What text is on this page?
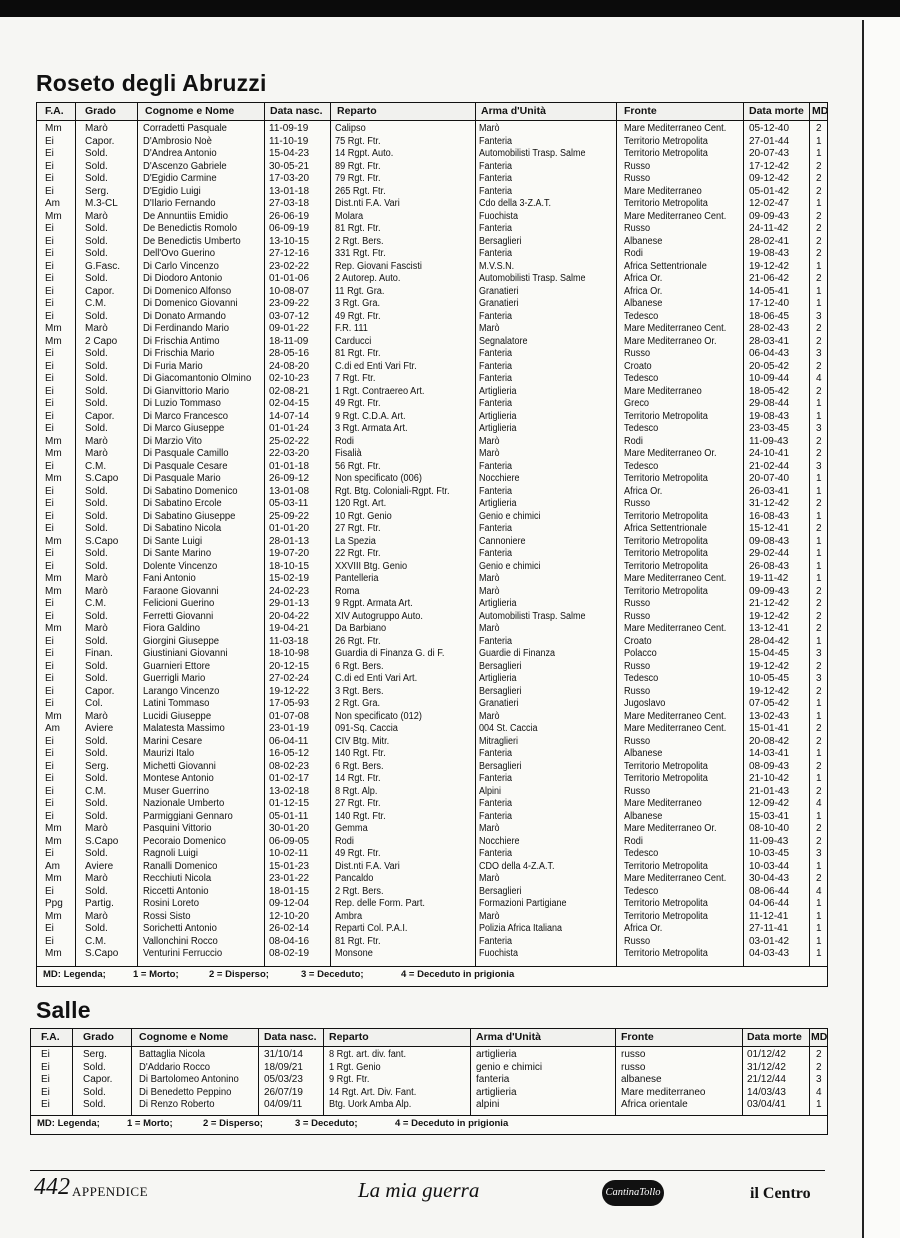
Roseto degli Abruzzi
F.A. Grado	Cognome e Nome	Data nasc. Reparto	Arma d'Unità	Fronte	Data morte MD
Mm Marò	Corradetti Pasquale	11-09-19	Calipso	Marò	Mare Mediterraneo Cent. 05-12-40	2
Ei	Capor.	D'Ambrosio Noè	11-10-19	75 Rgt. Ftr.	Fanteria	Territorio Metropolita	27-01-44	1
Ei	Sold.	D'Andrea Antonio	15-04-23	14 Rgpt. Auto.	Automobilisti Trasp. Salme	Territorio Metropolita	20-07-43	1
Ei	Sold.	D'Ascenzo Gabriele	30-05-21	89 Rgt. Ftr.	Fanteria	Russo	17-12-42	2
Ei	Sold.	D'Egidio Carmine	17-03-20	79 Rgt. Ftr.	Fanteria	Russo	09-12-42	2
Ei	Serg.	D'Egidio Luigi	13-01-18	265 Rgt. Ftr.	Fanteria	Mare Mediterraneo	05-01-42	2
Am	M.3-CL	D'Ilario Fernando	27-03-18	Dist.nti F.A. Vari	Cdo della 3-Z.A.T.	Territorio Metropolita	12-02-47	1
Mm Marò	De Annuntiis Emidio	26-06-19	Molara	Fuochista	Mare Mediterraneo Cent. 09-09-43	2
Ei	Sold.	De Benedictis Romolo	06-09-19	81 Rgt. Ftr.	Fanteria	Russo	24-11-42	2
Ei	Sold.	De Benedictis Umberto	13-10-15	2 Rgt. Bers.	Bersaglieri	Albanese	28-02-41	2
Ei	Sold.	Dell'Ovo Guerino	27-12-16	331 Rgt. Ftr.	Fanteria	Rodi	19-08-43	2
Ei	G.Fasc. Di Carlo Vincenzo	23-02-22	Rep. Giovani Fascisti	M.V.S.N.	Africa Settentrionale	19-12-42	1
Ei	Sold.	Di Diodoro Antonio	01-01-06	2 Autorep. Auto.	Automobilisti Trasp. Salme	Africa Or.	21-06-42	2
Ei	Capor.	Di Domenico Alfonso	10-08-07	11 Rgt. Gra.	Granatieri	Africa Or.	14-05-41	1
Ei	C.M.	Di Domenico Giovanni	23-09-22	3 Rgt. Gra.	Granatieri	Albanese	17-12-40	1
Ei	Sold.	Di Donato Armando	03-07-12	49 Rgt. Ftr.	Fanteria	Tedesco	18-06-45	3
Mm Marò	Di Ferdinando Mario	09-01-22	F.R. 111	Marò	Mare Mediterraneo Cent. 28-02-43	2
Mm 2 Capo	Di Frischia Antimo	18-11-09	Carducci	Segnalatore	Mare Mediterraneo Or.	28-03-41	2
Ei	Sold.	Di Frischia Mario	28-05-16	81 Rgt. Ftr.	Fanteria	Russo	06-04-43	3
Ei	Sold.	Di Furia Mario	24-08-20	C.di ed Enti Vari Ftr.	Fanteria	Croato	20-05-42	2
Ei	Sold.	Di Giacomantonio Olmino 02-10-23	7 Rgt. Ftr.	Fanteria	Tedesco	10-09-44	4
Ei	Sold.	Di Gianvittorio Mario	02-08-21	1 Rgt. Contraereo Art.	Artiglieria	Mare Mediterraneo	18-05-42	2
Ei	Sold.	Di Luzio Tommaso	02-04-15	49 Rgt. Ftr.	Fanteria	Greco	29-08-44	1
Ei	Capor.	Di Marco Francesco	14-07-14	9 Rgt. C.D.A. Art.	Artiglieria	Territorio Metropolita	19-08-43	1
Ei	Sold.	Di Marco Giuseppe	01-01-24	3 Rgt. Armata Art.	Artiglieria	Tedesco	23-03-45	3
Mm Marò	Di Marzio Vito	25-02-22	Rodi	Marò	Rodi	11-09-43	2
Mm Marò	Di Pasquale Camillo	22-03-20	Fisalià	Marò	Mare Mediterraneo Or.	24-10-41	2
Ei	C.M.	Di Pasquale Cesare	01-01-18	56 Rgt. Ftr.	Fanteria	Tedesco	21-02-44	3
Mm S.Capo Di Pasquale Mario	26-09-12	Non specificato (006)	Nocchiere	Territorio Metropolita	20-07-40	1
Ei	Sold.	Di Sabatino Domenico	13-01-08	Rgt. Btg. Coloniali-Rgpt. Ftr.	Fanteria	Africa Or.	26-03-41	1
Ei	Sold.	Di Sabatino Ercole	05-03-11	120 Rgt. Art.	Artiglieria	Russo	31-12-42	2
Ei	Sold.	Di Sabatino Giuseppe	25-09-22	10 Rgt. Genio	Genio e chimici	Territorio Metropolita	16-08-43	1
Ei	Sold.	Di Sabatino Nicola	01-01-20	27 Rgt. Ftr.	Fanteria	Africa Settentrionale	15-12-41	2
Mm S.Capo Di Sante Luigi	28-01-13	La Spezia	Cannoniere	Territorio Metropolita	09-08-43	1
Ei	Sold.	Di Sante Marino	19-07-20	22 Rgt. Ftr.	Fanteria	Territorio Metropolita	29-02-44	1
Ei	Sold.	Dolente Vincenzo	18-10-15	XXVIII Btg. Genio	Genio e chimici	Territorio Metropolita	26-08-43	1
Mm Marò	Fani Antonio	15-02-19	Pantelleria	Marò	Mare Mediterraneo Cent. 19-11-42	1
Mm Marò	Faraone Giovanni	24-02-23	Roma	Marò	Territorio Metropolita	09-09-43	2
Ei	C.M.	Felicioni Guerino	29-01-13	9 Rgpt. Armata Art.	Artiglieria	Russo	21-12-42	2
Ei	Sold.	Ferretti Giovanni	20-04-22	XIV Autogruppo Auto.	Automobilisti Trasp. Salme	Russo	19-12-42	2
Mm Marò	Fiora Galdino	19-04-21	Da Barbiano	Marò	Mare Mediterraneo Cent. 13-12-41	2
Ei	Sold.	Giorgini Giuseppe	11-03-18	26 Rgt. Ftr.	Fanteria	Croato	28-04-42	1
Ei	Finan.	Giustiniani Giovanni	18-10-98	Guardia di Finanza G. di F.	Guardie di Finanza	Polacco	15-04-45	3
Ei	Sold.	Guarnieri Ettore	20-12-15	6 Rgt. Bers.	Bersaglieri	Russo	19-12-42	2
Ei	Sold.	Guerrigli Mario	27-02-24	C.di ed Enti Vari Art.	Artiglieria	Tedesco	10-05-45	3
Ei	Capor.	Larango Vincenzo	19-12-22	3 Rgt. Bers.	Bersaglieri	Russo	19-12-42	2
Ei	Col.	Latini Tommaso	17-05-93	2 Rgt. Gra.	Granatieri	Jugoslavo	07-05-42	1
Mm Marò	Lucidi Giuseppe	01-07-08	Non specificato (012)	Marò	Mare Mediterraneo Cent. 13-02-43	1
Am	Aviere	Malatesta Massimo	23-01-19	091-Sq. Caccia	004 St. Caccia	Mare Mediterraneo Cent. 15-01-41	2
Ei	Sold.	Marini Cesare	06-04-11	CIV Btg. Mitr.	Mitraglieri	Russo	20-08-42	2
Ei	Sold.	Maurizi Italo	16-05-12	140 Rgt. Ftr.	Fanteria	Albanese	14-03-41	1
Ei	Serg.	Michetti Giovanni	08-02-23	6 Rgt. Bers.	Bersaglieri	Territorio Metropolita	08-09-43	2
Ei	Sold.	Montese Antonio	01-02-17	14 Rgt. Ftr.	Fanteria	Territorio Metropolita	21-10-42	1
Ei	C.M.	Muser Guerrino	13-02-18	8 Rgt. Alp.	Alpini	Russo	21-01-43	2
Ei	Sold.	Nazionale Umberto	01-12-15	27 Rgt. Ftr.	Fanteria	Mare Mediterraneo	12-09-42	4
Ei	Sold.	Parmiggiani Gennaro	05-01-11	140 Rgt. Ftr.	Fanteria	Albanese	15-03-41	1
Mm Marò	Pasquini Vittorio	30-01-20	Gemma	Marò	Mare Mediterraneo Or.	08-10-40	2
Mm S.Capo Pecoraio Domenico	06-09-05	Rodi	Nocchiere	Rodi	11-09-43	2
Ei	Sold.	Ragnoli Luigi	10-02-11	49 Rgt. Ftr.	Fanteria	Tedesco	10-03-45	3
Am	Aviere	Ranalli Domenico	15-01-23	Dist.nti F.A. Vari	CDO della 4-Z.A.T.	Territorio Metropolita	10-03-44	1
Mm Marò	Recchiuti Nicola	23-01-22	Pancaldo	Marò	Mare Mediterraneo Cent. 30-04-43	2
Ei	Sold.	Riccetti Antonio	18-01-15	2 Rgt. Bers.	Bersaglieri	Tedesco	08-06-44	4
Ppg Partig.	Rosini Loreto	09-12-04	Rep. delle Form. Part.	Formazioni Partigiane	Territorio Metropolita	04-06-44	1
Mm Marò	Rossi Sisto	12-10-20	Ambra	Marò	Territorio Metropolita	11-12-41	1
Ei	Sold.	Sorichetti Antonio	26-02-14	Reparti Col. P.A.I.	Polizia Africa Italiana	Africa Or.	27-11-41	1
Ei	C.M.	Vallonchini Rocco	08-04-16	81 Rgt. Ftr.	Fanteria	Russo	03-01-42	1
Mm S.Capo Venturini Ferruccio	08-02-19	Monsone	Fuochista	Territorio Metropolita	04-03-43	1
MD: Legenda;	1 = Morto;	2 = Disperso;	3 = Deceduto;	4 = Deceduto in prigionia
Salle
F.A. Grado Cognome e Nome	Data nasc. Reparto	Arma d'Unità	Fronte	Data morte MD
Ei	Serg.	Battaglia Nicola	31/10/14	8 Rgt. art. div. fant.	artiglieria	russo	01/12/42	2
Ei	Sold.	D'Addario Rocco	18/09/21	1 Rgt. Genio	genio e chimici	russo	31/12/42	2
Ei	Capor.	Di Bartolomeo Antonino	05/03/23	9 Rgt. Ftr.	fanteria	albanese	21/12/44	3
Ei	Sold.	Di Benedetto Peppino	26/07/19	14 Rgt. Art. Div. Fant.	artiglieria	Mare mediterraneo	14/03/43	4
Ei	Sold.	Di Renzo Roberto	04/09/11	Btg. Uork Amba Alp.	alpini	Africa orientale	03/04/41	1
MD: Legenda;	1 = Morto;	2 = Disperso;	3 = Deceduto;	4 = Deceduto in prigionia
442 APPENDICE	La mia guerra	CantinaTollo	il Centro
